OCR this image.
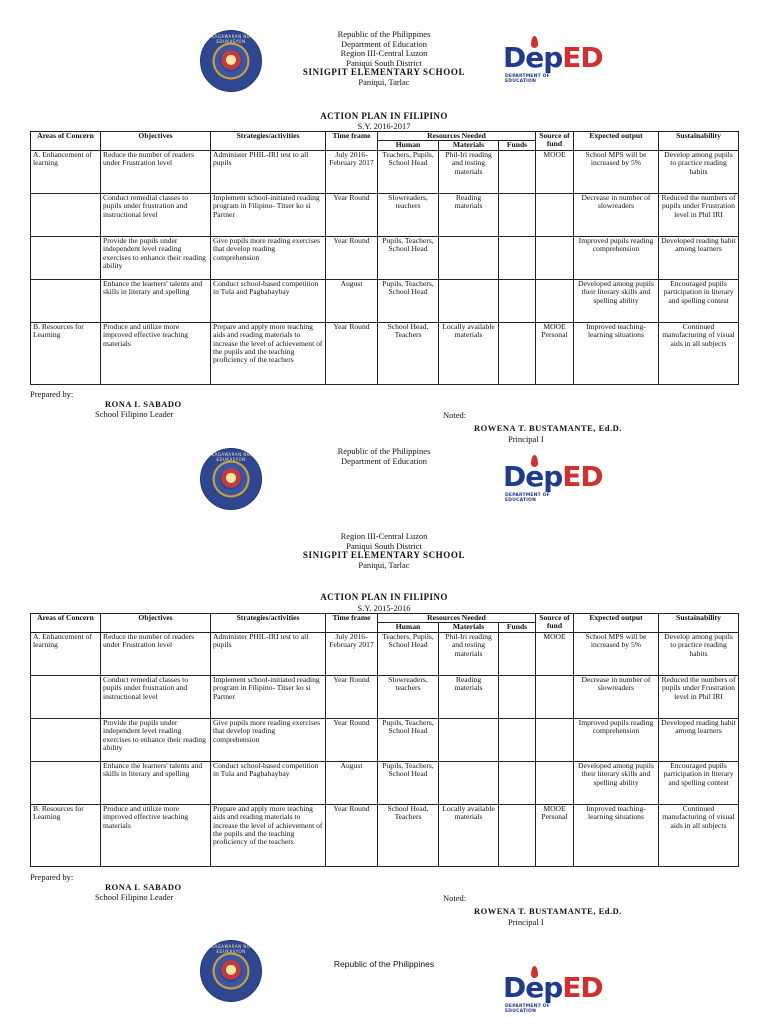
KAGAWARAN NG EDUKASYON
Republic of the Philippines
Department of Education
Region III-Central Luzon
Paniqui South District
SINIGPIT ELEMENTARY SCHOOL
Paniqui, Tarlac
DepED
DEPARTMENT OF EDUCATION
ACTION PLAN IN FILIPINO
S.Y. 2016-2017
Areas of Concern	Objectives	Strategies/activities	Time frame	Resources Needed			Source of fund	Expected output	Sustainability
				Human	Materials	Funds			
A. Enhancement of learning	Reduce the number of readers under Frustration level	Administer PHIL-IRI test to all pupils	July 2016- February 2017	Teachers, Pupils, School Head	Phil-Iri reading and testing materials		MOOE	School MPS will be increased by 5%	Develop among pupils to practice reading habits
	Conduct remedial classes to pupils under frustration and instructional level	Implement school-initiated reading program in Filipino- Titser ko si Partner	Year Round	Slowreaders, teachers	Reading materials			Decrease in number of slowreaders	Reduced the numbers of pupils under Frustration level in Phil IRI
	Provide the pupils under independent level reading exercises to enhance their reading ability	Give pupils more reading exercises that develop reading comprehension	Year Round	Pupils, Teachers, School Head				Improved pupils reading comprehension	Developed reading habit among learners
	Enhance the learners' talents and skills in literary and spelling	Conduct school-based competition in Tula and Pagbabaybay	August	Pupils, Teachers, School Head				Developed among pupils their literary skills and spelling ability	Encouraged pupils participation in literary and spelling contest
B. Resources for Learning	Produce and utilize more improved effective teaching materials	Prepare and apply more teaching aids and reading materials to increase the level of achievement of the pupils and the teaching proficiency of the teachers	Year Round	School Head, Teachers	Locally available materials		MOOE Personal	Improved teaching-learning situations	Continued manufacturing of visual aids in all subjects
Prepared by:
RONA I. SABADO
School Filipino Leader	Noted:
ROWENA T. BUSTAMANTE, Ed.D.
Principal I
KAGAWARAN NG EDUKASYON
Republic of the Philippines
Department of Education	DepED
DEPARTMENT OF EDUCATION
Region III-Central Luzon
Paniqui South District
SINIGPIT ELEMENTARY SCHOOL
Paniqui, Tarlac
ACTION PLAN IN FILIPINO
S.Y. 2015-2016
Areas of Concern	Objectives	Strategies/activities	Time frame	Resources Needed			Source of fund	Expected output	Sustainability
				Human	Materials	Funds			
A. Enhancement of learning	Reduce the number of readers under Frustration level	Administer PHIL-IRI test to all pupils	July 2016- February 2017	Teachers, Pupils, School Head	Phil-Iri reading and testing materials		MOOE	School MPS will be increased by 5%	Develop among pupils to practice reading habits
	Conduct remedial classes to pupils under frustration and instructional level	Implement school-initiated reading program in Filipino- Titser ko si Partner	Year Round	Slowreaders, teachers	Reading materials			Decrease in number of slowreaders	Reduced the numbers of pupils under Frustration level in Phil IRI
	Provide the pupils under independent level reading exercises to enhance their reading ability	Give pupils more reading exercises that develop reading comprehension	Year Round	Pupils, Teachers, School Head				Improved pupils reading comprehension	Developed reading habit among learners
	Enhance the learners' talents and skills in literary and spelling	Conduct school-based competition in Tula and Pagbabaybay	August	Pupils, Teachers, School Head				Developed among pupils their literary skills and spelling ability	Encouraged pupils participation in literary and spelling contest
B. Resources for Learning	Produce and utilize more improved effective teaching materials	Prepare and apply more teaching aids and reading materials to increase the level of achievement of the pupils and the teaching proficiency of the teachers	Year Round	School Head, Teachers	Locally available materials		MOOE Personal	Improved teaching-learning situations	Continued manufacturing of visual aids in all subjects
Prepared by:
RONA I. SABADO
School Filipino Leader	Noted:
ROWENA T. BUSTAMANTE, Ed.D.
Principal I
KAGAWARAN NG EDUKASYON
Republic of the Philippines
DepED
DEPARTMENT OF EDUCATION
